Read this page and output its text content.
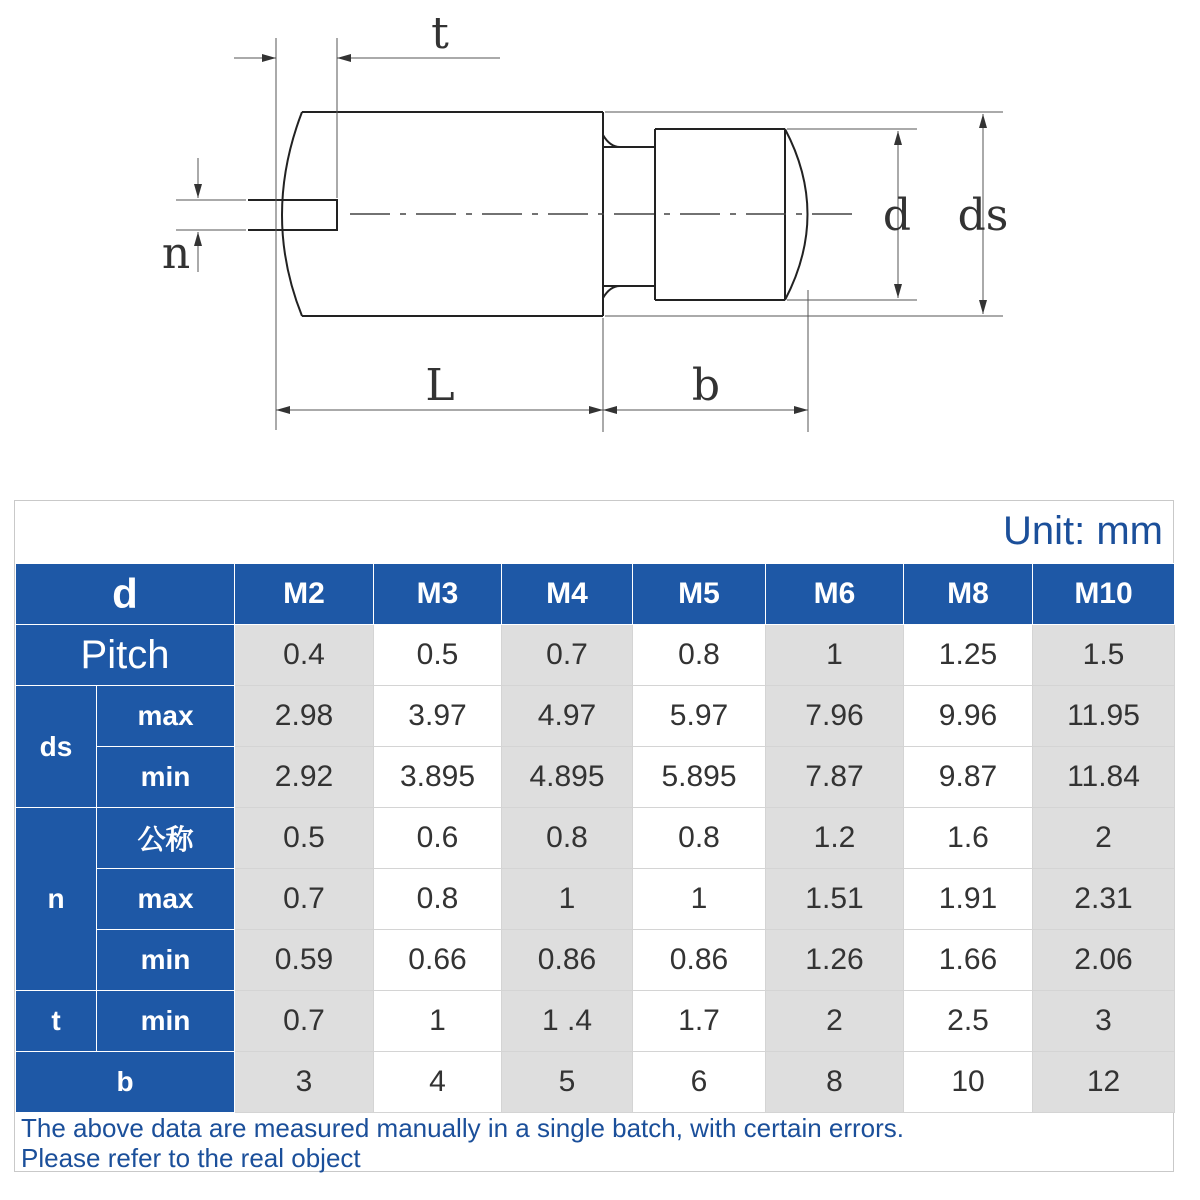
t
n
d ds
L	b
Unit: mm
d		M2	M3	M4	M5	M6	M8	M10
Pitch		0.4	0.5	0.7	0.8	1	1.25	1.5
ds	max	2.98	3.97	4.97	5.97	7.96	9.96	11.95
	min	2.92	3.895	4.895	5.895	7.87	9.87	11.84
n	公称	0.5	0.6	0.8	0.8	1.2	1.6	2
	max	0.7	0.8	1	1	1.51	1.91	2.31
	min	0.59	0.66	0.86	0.86	1.26	1.66	2.06
t	min	0.7	1	1 .4	1.7	2	2.5	3
b		3	4	5	6	8	10	12
The above data are measured manually in a single batch, with certain errors.
Please refer to the real object
